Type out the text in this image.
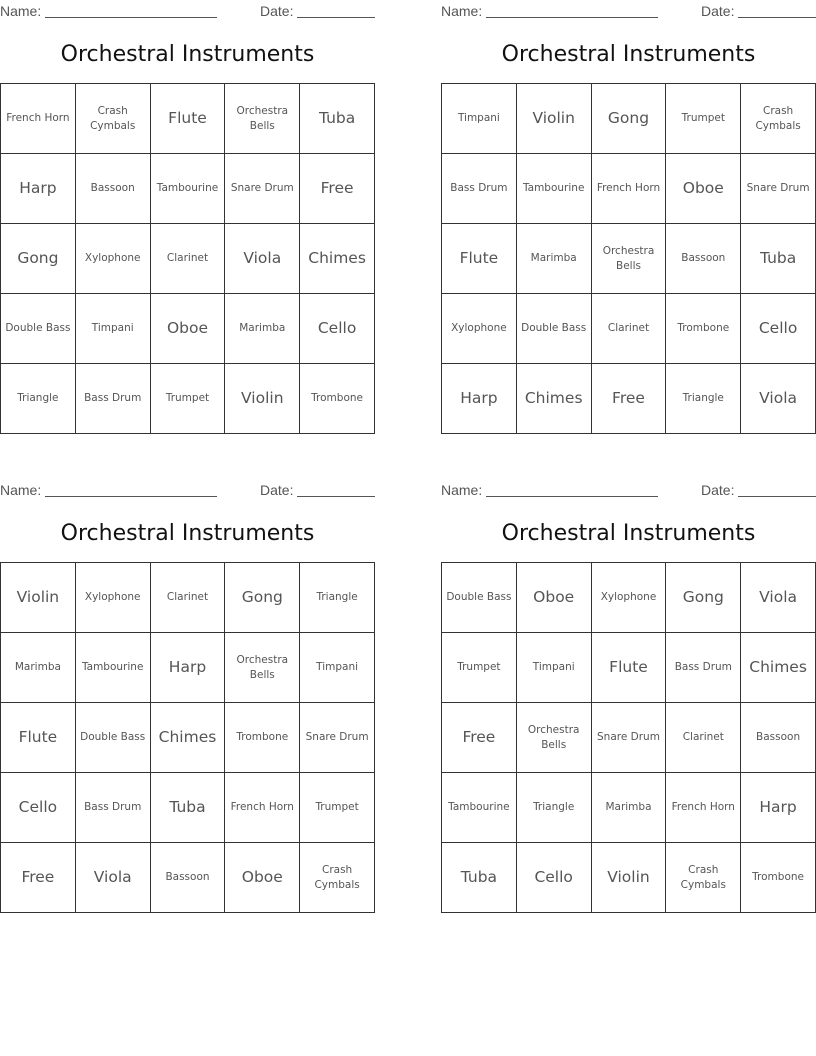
Name:	Date:
Orchestral Instruments
French Horn	Crash Cymbals	Flute	Orchestra Bells	Tuba
Harp	Bassoon	Tambourine	Snare Drum	Free
Gong	Xylophone	Clarinet	Viola	Chimes
Double Bass	Timpani	Oboe	Marimba	Cello
Triangle	Bass Drum	Trumpet	Violin	Trombone
Name:	Date:
Orchestral Instruments
Timpani	Violin	Gong	Trumpet	Crash Cymbals
Bass Drum	Tambourine	French Horn	Oboe	Snare Drum
Flute	Marimba	Orchestra Bells	Bassoon	Tuba
Xylophone	Double Bass	Clarinet	Trombone	Cello
Harp	Chimes	Free	Triangle	Viola
Name:	Date:
Orchestral Instruments
Violin	Xylophone	Clarinet	Gong	Triangle
Marimba	Tambourine	Harp	Orchestra Bells	Timpani
Flute	Double Bass	Chimes	Trombone	Snare Drum
Cello	Bass Drum	Tuba	French Horn	Trumpet
Free	Viola	Bassoon	Oboe	Crash Cymbals
Name:	Date:
Orchestral Instruments
Double Bass	Oboe	Xylophone	Gong	Viola
Trumpet	Timpani	Flute	Bass Drum	Chimes
Free	Orchestra Bells	Snare Drum	Clarinet	Bassoon
Tambourine	Triangle	Marimba	French Horn	Harp
Tuba	Cello	Violin	Crash Cymbals	Trombone
